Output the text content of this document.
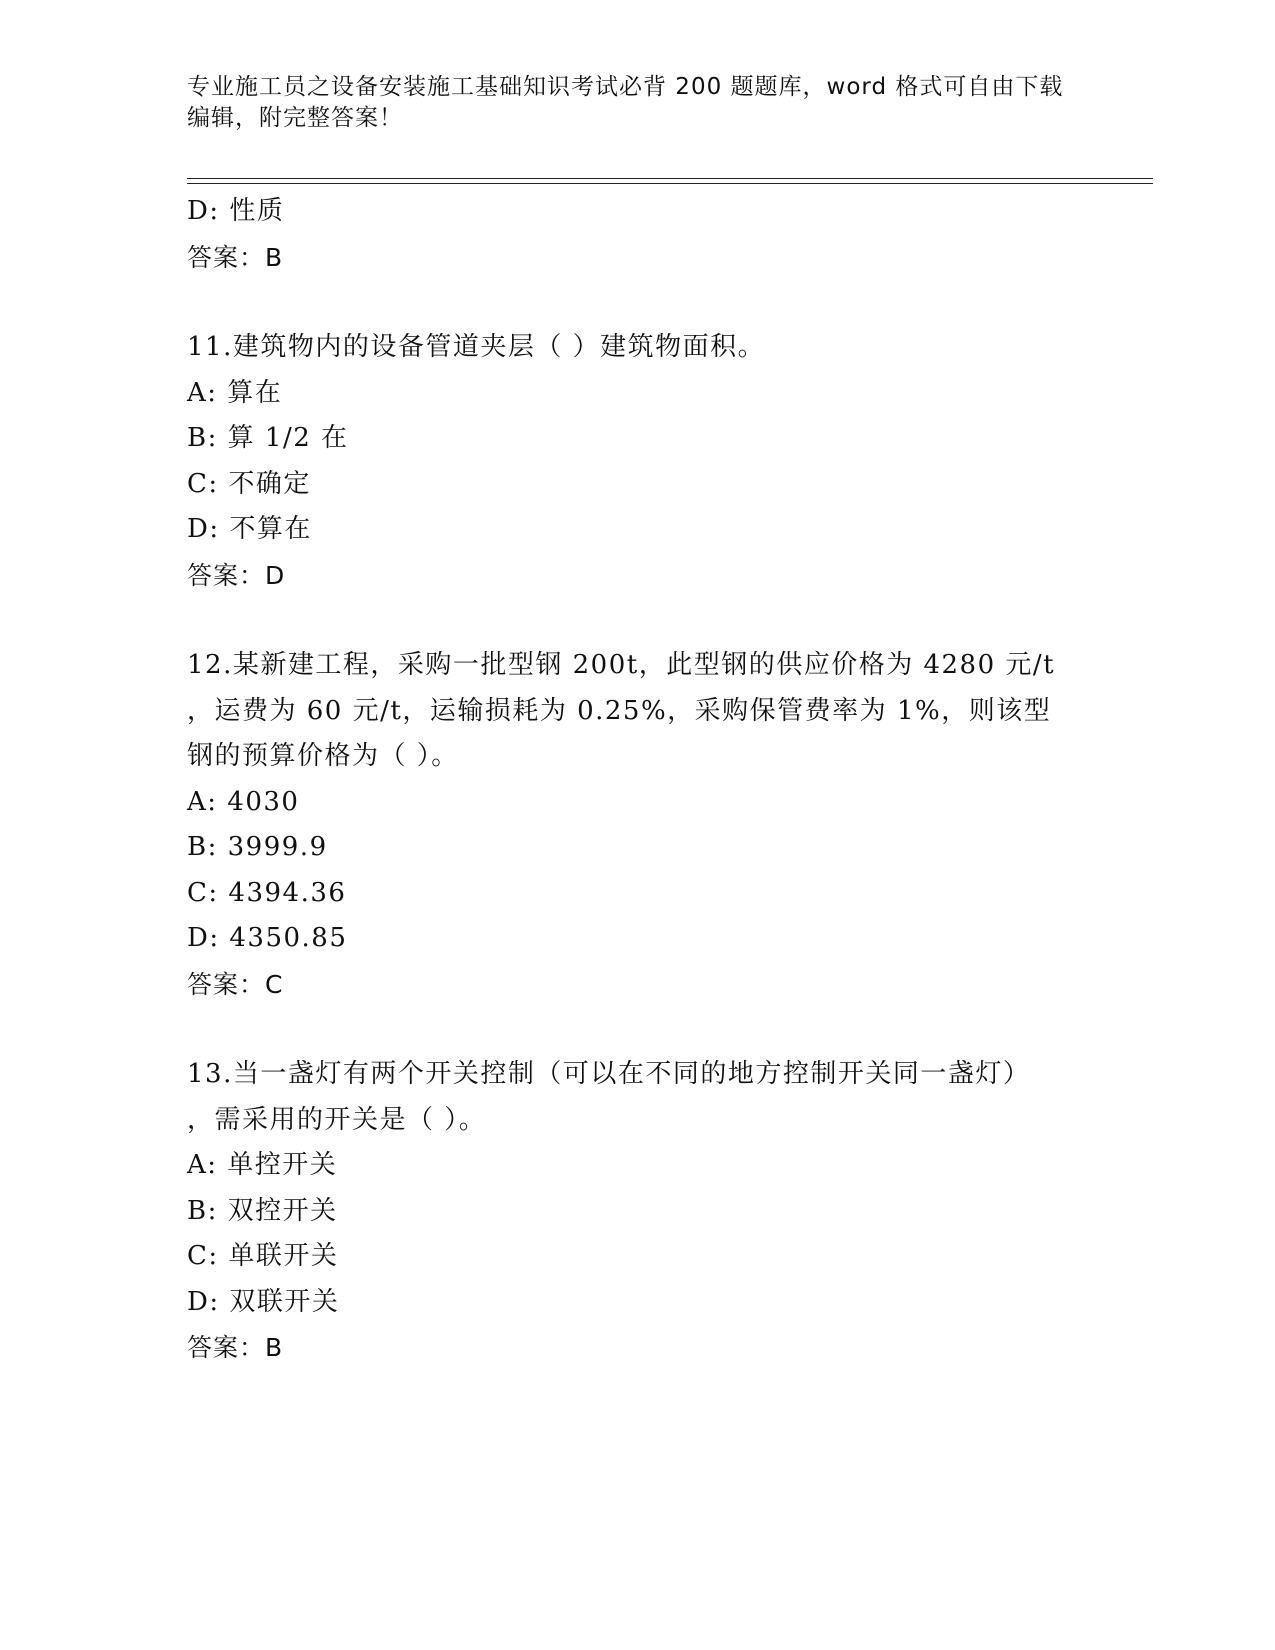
专业施工员之设备安装施工基础知识考试必背 200 题题库，word 格式可自由下载
编辑，附完整答案！
D: 性质
答案：B
11.建筑物内的设备管道夹层（ ）建筑物面积。
A: 算在
B: 算 1/2 在
C: 不确定
D: 不算在
答案：D
12.某新建工程，采购一批型钢 200t，此型钢的供应价格为 4280 元/t
，运费为 60 元/t，运输损耗为 0.25%，采购保管费率为 1%，则该型
钢的预算价格为（ ）。
A: 4030
B: 3999.9
C: 4394.36
D: 4350.85
答案：C
13.当一盏灯有两个开关控制（可以在不同的地方控制开关同一盏灯）
，需采用的开关是（ ）。
A: 单控开关
B: 双控开关
C: 单联开关
D: 双联开关
答案：B
